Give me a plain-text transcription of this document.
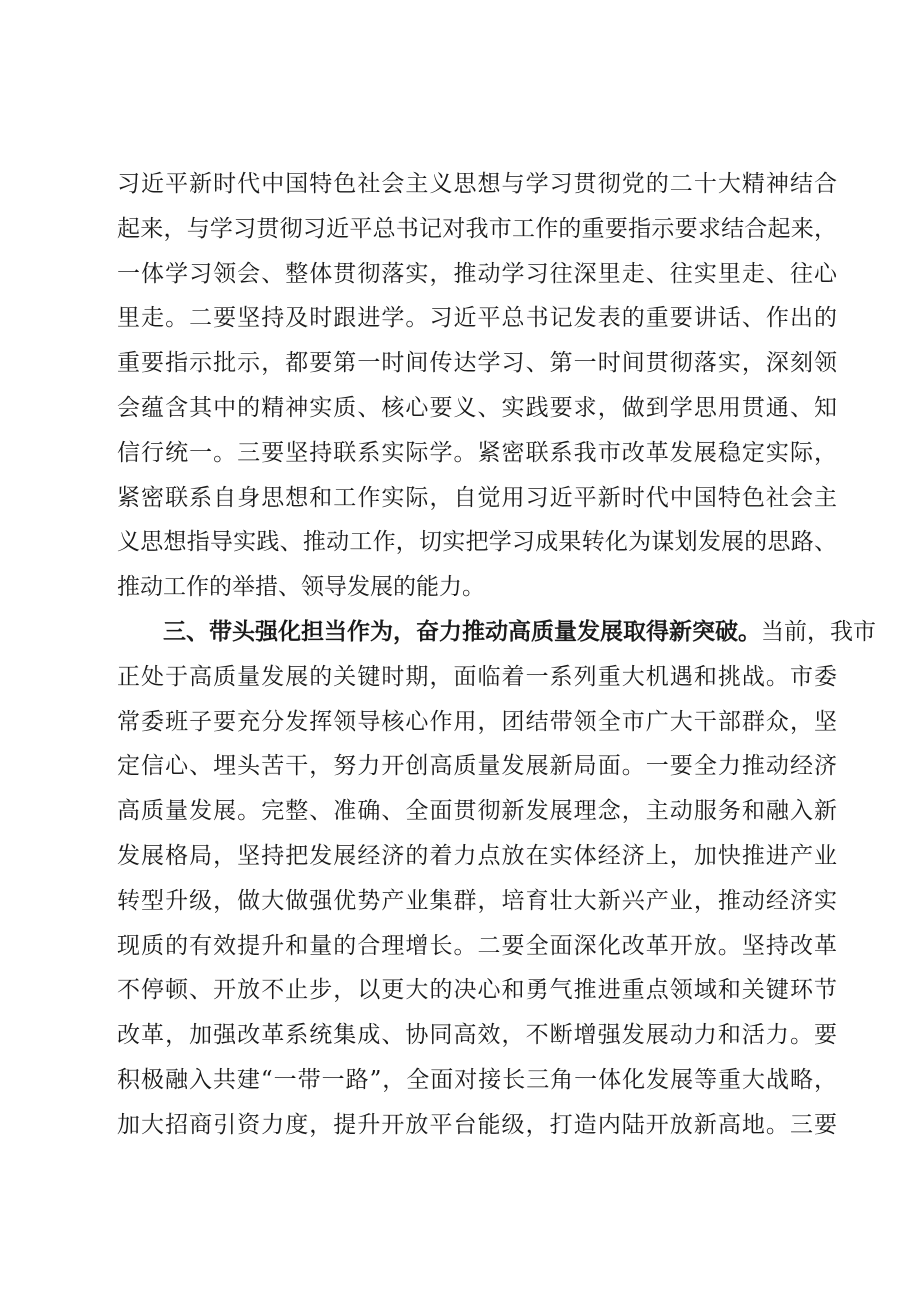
习近平新时代中国特色社会主义思想与学习贯彻党的二十大精神结合
起来，与学习贯彻习近平总书记对我市工作的重要指示要求结合起来，
一体学习领会、整体贯彻落实，推动学习往深里走、往实里走、往心
里走。二要坚持及时跟进学。习近平总书记发表的重要讲话、作出的
重要指示批示，都要第一时间传达学习、第一时间贯彻落实，深刻领
会蕴含其中的精神实质、核心要义、实践要求，做到学思用贯通、知
信行统一。三要坚持联系实际学。紧密联系我市改革发展稳定实际，
紧密联系自身思想和工作实际，自觉用习近平新时代中国特色社会主
义思想指导实践、推动工作，切实把学习成果转化为谋划发展的思路、
推动工作的举措、领导发展的能力。
三、带头强化担当作为，奋力推动高质量发展取得新突破。当前，我市
正处于高质量发展的关键时期，面临着一系列重大机遇和挑战。市委
常委班子要充分发挥领导核心作用，团结带领全市广大干部群众，坚
定信心、埋头苦干，努力开创高质量发展新局面。一要全力推动经济
高质量发展。完整、准确、全面贯彻新发展理念，主动服务和融入新
发展格局，坚持把发展经济的着力点放在实体经济上，加快推进产业
转型升级，做大做强优势产业集群，培育壮大新兴产业，推动经济实
现质的有效提升和量的合理增长。二要全面深化改革开放。坚持改革
不停顿、开放不止步，以更大的决心和勇气推进重点领域和关键环节
改革，加强改革系统集成、协同高效，不断增强发展动力和活力。要
积极融入共建“一带一路”，全面对接长三角一体化发展等重大战略，
加大招商引资力度，提升开放平台能级，打造内陆开放新高地。三要
